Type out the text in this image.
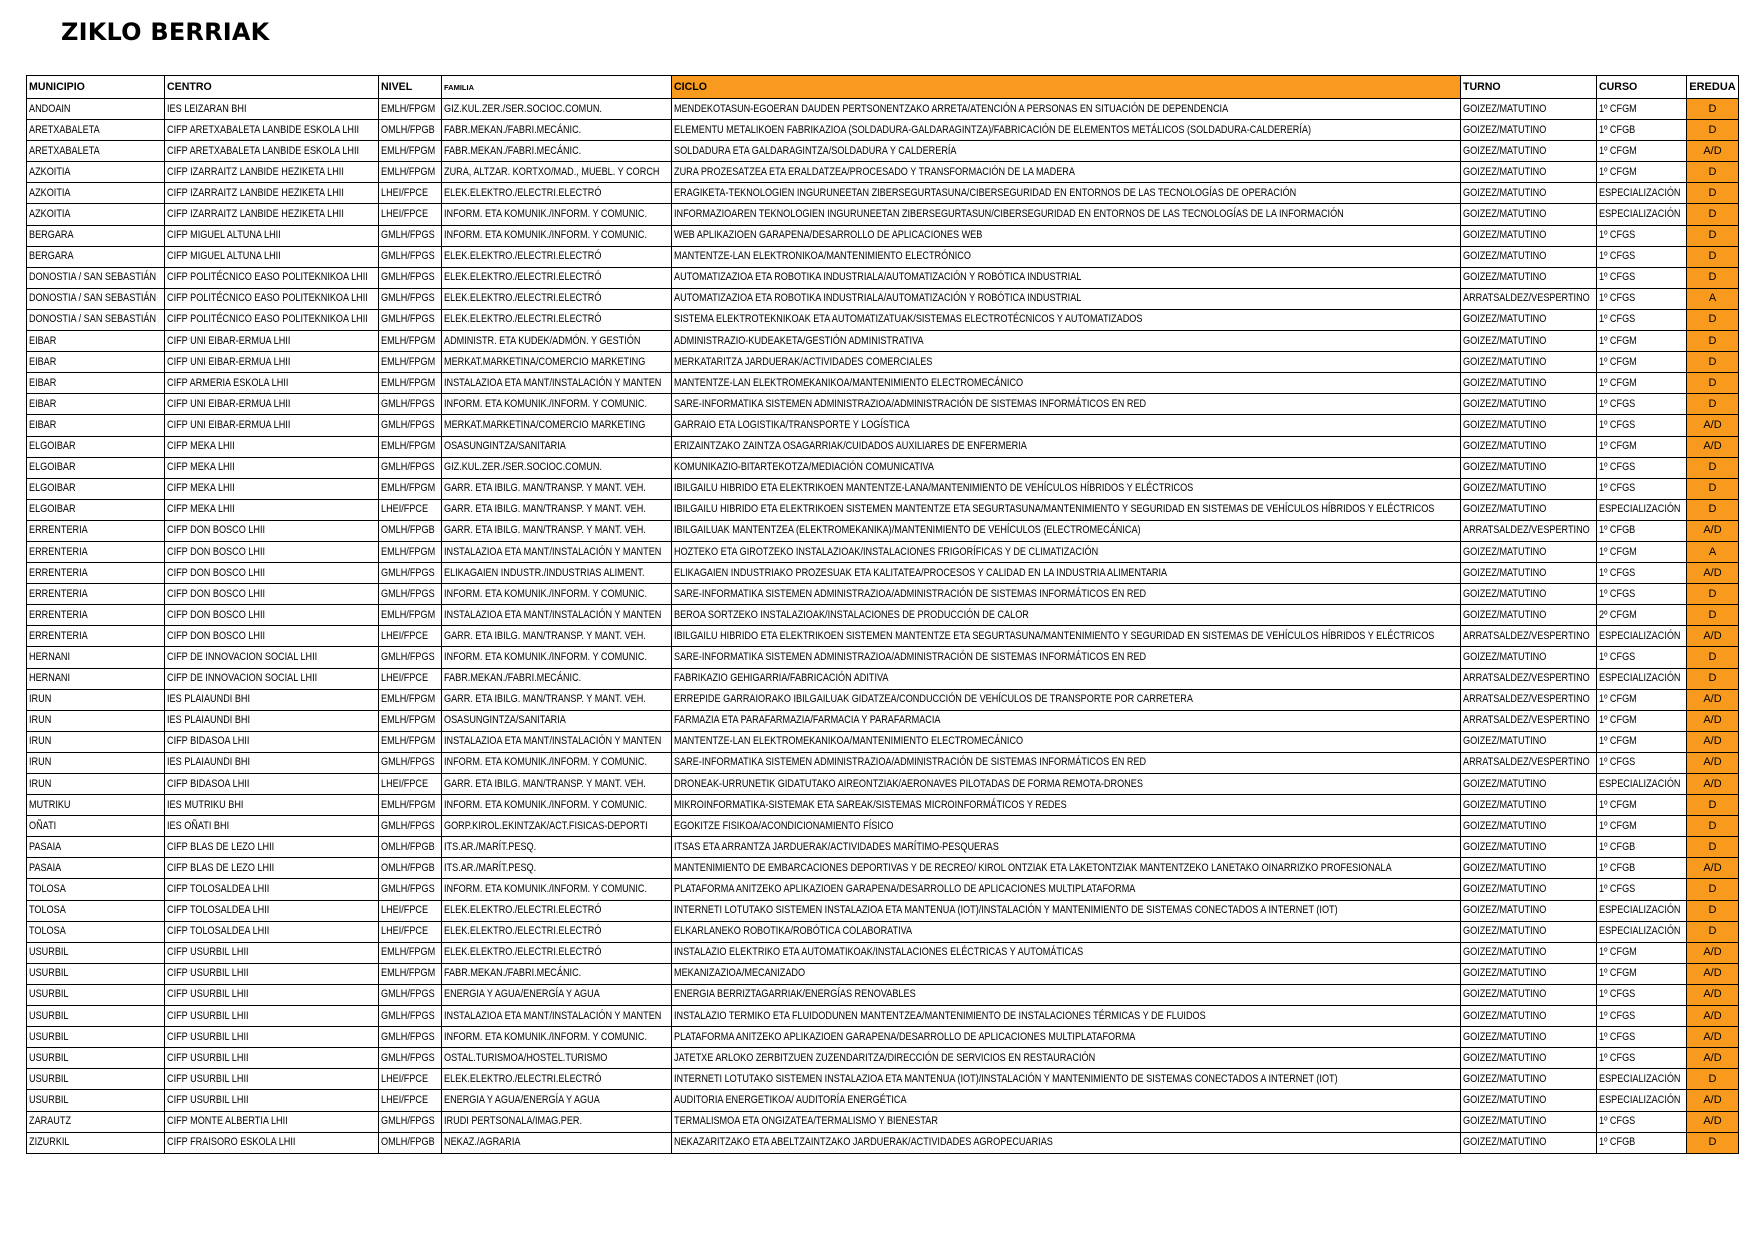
ZIKLO BERRIAK
MUNICIPIO	CENTRO	NIVEL	FAMILIA	CICLO	TURNO	CURSO	EREDUA
ANDOAIN	IES LEIZARAN BHI	EMLH/FPGM	GIZ.KUL.ZER./SER.SOCIOC.COMUN.	MENDEKOTASUN-EGOERAN DAUDEN PERTSONENTZAKO ARRETA/ATENCIÓN A PERSONAS EN SITUACIÓN DE DEPENDENCIA	GOIZEZ/MATUTINO	1º CFGM	D
ARETXABALETA	CIFP ARETXABALETA LANBIDE ESKOLA LHII	OMLH/FPGB	FABR.MEKAN./FABRI.MECÁNIC.	ELEMENTU METALIKOEN FABRIKAZIOA (SOLDADURA-GALDARAGINTZA)/FABRICACIÓN DE ELEMENTOS METÁLICOS (SOLDADURA-CALDERERÍA)	GOIZEZ/MATUTINO	1º CFGB	D
ARETXABALETA	CIFP ARETXABALETA LANBIDE ESKOLA LHII	EMLH/FPGM	FABR.MEKAN./FABRI.MECÁNIC.	SOLDADURA ETA GALDARAGINTZA/SOLDADURA Y CALDERERÍA	GOIZEZ/MATUTINO	1º CFGM	A/D
AZKOITIA	CIFP IZARRAITZ LANBIDE HEZIKETA LHII	EMLH/FPGM	ZURA, ALTZAR. KORTXO/MAD., MUEBL. Y CORCH	ZURA PROZESATZEA ETA ERALDATZEA/PROCESADO Y TRANSFORMACIÓN DE LA MADERA	GOIZEZ/MATUTINO	1º CFGM	D
AZKOITIA	CIFP IZARRAITZ LANBIDE HEZIKETA LHII	LHEI/FPCE	ELEK.ELEKTRO./ELECTRI.ELECTRÓ	ERAGIKETA-TEKNOLOGIEN INGURUNEETAN ZIBERSEGURTASUNA/CIBERSEGURIDAD EN ENTORNOS DE LAS TECNOLOGÍAS DE OPERACIÓN	GOIZEZ/MATUTINO	ESPECIALIZACIÓN	D
AZKOITIA	CIFP IZARRAITZ LANBIDE HEZIKETA LHII	LHEI/FPCE	INFORM. ETA KOMUNIK./INFORM. Y COMUNIC.	INFORMAZIOAREN TEKNOLOGIEN INGURUNEETAN ZIBERSEGURTASUN/CIBERSEGURIDAD EN ENTORNOS DE LAS TECNOLOGÍAS DE LA INFORMACIÓN	GOIZEZ/MATUTINO	ESPECIALIZACIÓN	D
BERGARA	CIFP MIGUEL ALTUNA LHII	GMLH/FPGS	INFORM. ETA KOMUNIK./INFORM. Y COMUNIC.	WEB APLIKAZIOEN GARAPENA/DESARROLLO DE APLICACIONES WEB	GOIZEZ/MATUTINO	1º CFGS	D
BERGARA	CIFP MIGUEL ALTUNA LHII	GMLH/FPGS	ELEK.ELEKTRO./ELECTRI.ELECTRÓ	MANTENTZE-LAN ELEKTRONIKOA/MANTENIMIENTO ELECTRÓNICO	GOIZEZ/MATUTINO	1º CFGS	D
DONOSTIA / SAN SEBASTIÁN	CIFP POLITÉCNICO EASO POLITEKNIKOA LHII	GMLH/FPGS	ELEK.ELEKTRO./ELECTRI.ELECTRÓ	AUTOMATIZAZIOA ETA ROBOTIKA INDUSTRIALA/AUTOMATIZACIÓN Y ROBÓTICA INDUSTRIAL	GOIZEZ/MATUTINO	1º CFGS	D
DONOSTIA / SAN SEBASTIÁN	CIFP POLITÉCNICO EASO POLITEKNIKOA LHII	GMLH/FPGS	ELEK.ELEKTRO./ELECTRI.ELECTRÓ	AUTOMATIZAZIOA ETA ROBOTIKA INDUSTRIALA/AUTOMATIZACIÓN Y ROBÓTICA INDUSTRIAL	ARRATSALDEZ/VESPERTINO	1º CFGS	A
DONOSTIA / SAN SEBASTIÁN	CIFP POLITÉCNICO EASO POLITEKNIKOA LHII	GMLH/FPGS	ELEK.ELEKTRO./ELECTRI.ELECTRÓ	SISTEMA ELEKTROTEKNIKOAK ETA AUTOMATIZATUAK/SISTEMAS ELECTROTÉCNICOS Y AUTOMATIZADOS	GOIZEZ/MATUTINO	1º CFGS	D
EIBAR	CIFP UNI EIBAR-ERMUA LHII	EMLH/FPGM	ADMINISTR. ETA KUDEK/ADMÓN. Y GESTIÓN	ADMINISTRAZIO-KUDEAKETA/GESTIÓN ADMINISTRATIVA	GOIZEZ/MATUTINO	1º CFGM	D
EIBAR	CIFP UNI EIBAR-ERMUA LHII	EMLH/FPGM	MERKAT.MARKETINA/COMERCIO MARKETING	MERKATARITZA JARDUERAK/ACTIVIDADES COMERCIALES	GOIZEZ/MATUTINO	1º CFGM	D
EIBAR	CIFP ARMERIA ESKOLA LHII	EMLH/FPGM	INSTALAZIOA ETA MANT/INSTALACIÓN Y MANTEN	MANTENTZE-LAN ELEKTROMEKANIKOA/MANTENIMIENTO ELECTROMECÁNICO	GOIZEZ/MATUTINO	1º CFGM	D
EIBAR	CIFP UNI EIBAR-ERMUA LHII	GMLH/FPGS	INFORM. ETA KOMUNIK./INFORM. Y COMUNIC.	SARE-INFORMATIKA SISTEMEN ADMINISTRAZIOA/ADMINISTRACIÓN DE SISTEMAS INFORMÁTICOS EN RED	GOIZEZ/MATUTINO	1º CFGS	D
EIBAR	CIFP UNI EIBAR-ERMUA LHII	GMLH/FPGS	MERKAT.MARKETINA/COMERCIO MARKETING	GARRAIO ETA LOGISTIKA/TRANSPORTE Y LOGÍSTICA	GOIZEZ/MATUTINO	1º CFGS	A/D
ELGOIBAR	CIFP MEKA LHII	EMLH/FPGM	OSASUNGINTZA/SANITARIA	ERIZAINTZAKO ZAINTZA OSAGARRIAK/CUIDADOS AUXILIARES DE ENFERMERIA	GOIZEZ/MATUTINO	1º CFGM	A/D
ELGOIBAR	CIFP MEKA LHII	GMLH/FPGS	GIZ.KUL.ZER./SER.SOCIOC.COMUN.	KOMUNIKAZIO-BITARTEKOTZA/MEDIACIÓN COMUNICATIVA	GOIZEZ/MATUTINO	1º CFGS	D
ELGOIBAR	CIFP MEKA LHII	EMLH/FPGM	GARR. ETA IBILG. MAN/TRANSP. Y MANT. VEH.	IBILGAILU HIBRIDO ETA ELEKTRIKOEN MANTENTZE-LANA/MANTENIMIENTO DE VEHÍCULOS HÍBRIDOS Y ELÉCTRICOS	GOIZEZ/MATUTINO	1º CFGS	D
ELGOIBAR	CIFP MEKA LHII	LHEI/FPCE	GARR. ETA IBILG. MAN/TRANSP. Y MANT. VEH.	IBILGAILU HIBRIDO ETA ELEKTRIKOEN SISTEMEN MANTENTZE ETA SEGURTASUNA/MANTENIMIENTO Y SEGURIDAD EN SISTEMAS DE VEHÍCULOS HÍBRIDOS Y ELÉCTRICOS	GOIZEZ/MATUTINO	ESPECIALIZACIÓN	D
ERRENTERIA	CIFP DON BOSCO LHII	OMLH/FPGB	GARR. ETA IBILG. MAN/TRANSP. Y MANT. VEH.	IBILGAILUAK MANTENTZEA (ELEKTROMEKANIKA)/MANTENIMIENTO DE VEHÍCULOS (ELECTROMECÁNICA)	ARRATSALDEZ/VESPERTINO	1º CFGB	A/D
ERRENTERIA	CIFP DON BOSCO LHII	EMLH/FPGM	INSTALAZIOA ETA MANT/INSTALACIÓN Y MANTEN	HOZTEKO ETA GIROTZEKO INSTALAZIOAK/INSTALACIONES FRIGORÍFICAS Y DE CLIMATIZACIÓN	GOIZEZ/MATUTINO	1º CFGM	A
ERRENTERIA	CIFP DON BOSCO LHII	GMLH/FPGS	ELIKAGAIEN INDUSTR./INDUSTRIAS ALIMENT.	ELIKAGAIEN INDUSTRIAKO PROZESUAK ETA KALITATEA/PROCESOS Y CALIDAD EN LA INDUSTRIA ALIMENTARIA	GOIZEZ/MATUTINO	1º CFGS	A/D
ERRENTERIA	CIFP DON BOSCO LHII	GMLH/FPGS	INFORM. ETA KOMUNIK./INFORM. Y COMUNIC.	SARE-INFORMATIKA SISTEMEN ADMINISTRAZIOA/ADMINISTRACIÓN DE SISTEMAS INFORMÁTICOS EN RED	GOIZEZ/MATUTINO	1º CFGS	D
ERRENTERIA	CIFP DON BOSCO LHII	EMLH/FPGM	INSTALAZIOA ETA MANT/INSTALACIÓN Y MANTEN	BEROA SORTZEKO INSTALAZIOAK/INSTALACIONES DE PRODUCCIÓN DE CALOR	GOIZEZ/MATUTINO	2º CFGM	D
ERRENTERIA	CIFP DON BOSCO LHII	LHEI/FPCE	GARR. ETA IBILG. MAN/TRANSP. Y MANT. VEH.	IBILGAILU HIBRIDO ETA ELEKTRIKOEN SISTEMEN MANTENTZE ETA SEGURTASUNA/MANTENIMIENTO Y SEGURIDAD EN SISTEMAS DE VEHÍCULOS HÍBRIDOS Y ELÉCTRICOS	ARRATSALDEZ/VESPERTINO	ESPECIALIZACIÓN	A/D
HERNANI	CIFP DE INNOVACION SOCIAL LHII	GMLH/FPGS	INFORM. ETA KOMUNIK./INFORM. Y COMUNIC.	SARE-INFORMATIKA SISTEMEN ADMINISTRAZIOA/ADMINISTRACIÓN DE SISTEMAS INFORMÁTICOS EN RED	GOIZEZ/MATUTINO	1º CFGS	D
HERNANI	CIFP DE INNOVACION SOCIAL LHII	LHEI/FPCE	FABR.MEKAN./FABRI.MECÁNIC.	FABRIKAZIO GEHIGARRIA/FABRICACIÓN ADITIVA	ARRATSALDEZ/VESPERTINO	ESPECIALIZACIÓN	D
IRUN	IES PLAIAUNDI BHI	EMLH/FPGM	GARR. ETA IBILG. MAN/TRANSP. Y MANT. VEH.	ERREPIDE GARRAIORAKO IBILGAILUAK GIDATZEA/CONDUCCIÓN DE VEHÍCULOS DE TRANSPORTE POR CARRETERA	ARRATSALDEZ/VESPERTINO	1º CFGM	A/D
IRUN	IES PLAIAUNDI BHI	EMLH/FPGM	OSASUNGINTZA/SANITARIA	FARMAZIA ETA PARAFARMAZIA/FARMACIA Y PARAFARMACIA	ARRATSALDEZ/VESPERTINO	1º CFGM	A/D
IRUN	CIFP BIDASOA LHII	EMLH/FPGM	INSTALAZIOA ETA MANT/INSTALACIÓN Y MANTEN	MANTENTZE-LAN ELEKTROMEKANIKOA/MANTENIMIENTO ELECTROMECÁNICO	GOIZEZ/MATUTINO	1º CFGM	A/D
IRUN	IES PLAIAUNDI BHI	GMLH/FPGS	INFORM. ETA KOMUNIK./INFORM. Y COMUNIC.	SARE-INFORMATIKA SISTEMEN ADMINISTRAZIOA/ADMINISTRACIÓN DE SISTEMAS INFORMÁTICOS EN RED	ARRATSALDEZ/VESPERTINO	1º CFGS	A/D
IRUN	CIFP BIDASOA LHII	LHEI/FPCE	GARR. ETA IBILG. MAN/TRANSP. Y MANT. VEH.	DRONEAK-URRUNETIK GIDATUTAKO AIREONTZIAK/AERONAVES PILOTADAS DE FORMA REMOTA-DRONES	GOIZEZ/MATUTINO	ESPECIALIZACIÓN	A/D
MUTRIKU	IES MUTRIKU BHI	EMLH/FPGM	INFORM. ETA KOMUNIK./INFORM. Y COMUNIC.	MIKROINFORMATIKA-SISTEMAK ETA SAREAK/SISTEMAS MICROINFORMÁTICOS Y REDES	GOIZEZ/MATUTINO	1º CFGM	D
OÑATI	IES OÑATI BHI	GMLH/FPGS	GORP.KIROL.EKINTZAK/ACT.FISICAS-DEPORTI	EGOKITZE FISIKOA/ACONDICIONAMIENTO FÍSICO	GOIZEZ/MATUTINO	1º CFGM	D
PASAIA	CIFP BLAS DE LEZO LHII	OMLH/FPGB	ITS.AR./MARÍT.PESQ.	ITSAS ETA ARRANTZA JARDUERAK/ACTIVIDADES MARÍTIMO-PESQUERAS	GOIZEZ/MATUTINO	1º CFGB	D
PASAIA	CIFP BLAS DE LEZO LHII	OMLH/FPGB	ITS.AR./MARÍT.PESQ.	MANTENIMIENTO DE EMBARCACIONES DEPORTIVAS Y DE RECREO/ KIROL ONTZIAK ETA LAKETONTZIAK MANTENTZEKO LANETAKO OINARRIZKO PROFESIONALA	GOIZEZ/MATUTINO	1º CFGB	A/D
TOLOSA	CIFP TOLOSALDEA LHII	GMLH/FPGS	INFORM. ETA KOMUNIK./INFORM. Y COMUNIC.	PLATAFORMA ANITZEKO APLIKAZIOEN GARAPENA/DESARROLLO DE APLICACIONES MULTIPLATAFORMA	GOIZEZ/MATUTINO	1º CFGS	D
TOLOSA	CIFP TOLOSALDEA LHII	LHEI/FPCE	ELEK.ELEKTRO./ELECTRI.ELECTRÓ	INTERNETI LOTUTAKO SISTEMEN INSTALAZIOA ETA MANTENUA (IOT)/INSTALACIÓN Y MANTENIMIENTO DE SISTEMAS CONECTADOS A INTERNET (IOT)	GOIZEZ/MATUTINO	ESPECIALIZACIÓN	D
TOLOSA	CIFP TOLOSALDEA LHII	LHEI/FPCE	ELEK.ELEKTRO./ELECTRI.ELECTRÓ	ELKARLANEKO ROBOTIKA/ROBÓTICA COLABORATIVA	GOIZEZ/MATUTINO	ESPECIALIZACIÓN	D
USURBIL	CIFP USURBIL LHII	EMLH/FPGM	ELEK.ELEKTRO./ELECTRI.ELECTRÓ	INSTALAZIO ELEKTRIKO ETA AUTOMATIKOAK/INSTALACIONES ELÉCTRICAS Y AUTOMÁTICAS	GOIZEZ/MATUTINO	1º CFGM	A/D
USURBIL	CIFP USURBIL LHII	EMLH/FPGM	FABR.MEKAN./FABRI.MECÁNIC.	MEKANIZAZIOA/MECANIZADO	GOIZEZ/MATUTINO	1º CFGM	A/D
USURBIL	CIFP USURBIL LHII	GMLH/FPGS	ENERGIA Y AGUA/ENERGÍA Y AGUA	ENERGIA BERRIZTAGARRIAK/ENERGÍAS RENOVABLES	GOIZEZ/MATUTINO	1º CFGS	A/D
USURBIL	CIFP USURBIL LHII	GMLH/FPGS	INSTALAZIOA ETA MANT/INSTALACIÓN Y MANTEN	INSTALAZIO TERMIKO ETA FLUIDODUNEN MANTENTZEA/MANTENIMIENTO DE INSTALACIONES TÉRMICAS Y DE FLUIDOS	GOIZEZ/MATUTINO	1º CFGS	A/D
USURBIL	CIFP USURBIL LHII	GMLH/FPGS	INFORM. ETA KOMUNIK./INFORM. Y COMUNIC.	PLATAFORMA ANITZEKO APLIKAZIOEN GARAPENA/DESARROLLO DE APLICACIONES MULTIPLATAFORMA	GOIZEZ/MATUTINO	1º CFGS	A/D
USURBIL	CIFP USURBIL LHII	GMLH/FPGS	OSTAL.TURISMOA/HOSTEL.TURISMO	JATETXE ARLOKO ZERBITZUEN ZUZENDARITZA/DIRECCIÓN DE SERVICIOS EN RESTAURACIÓN	GOIZEZ/MATUTINO	1º CFGS	A/D
USURBIL	CIFP USURBIL LHII	LHEI/FPCE	ELEK.ELEKTRO./ELECTRI.ELECTRÓ	INTERNETI LOTUTAKO SISTEMEN INSTALAZIOA ETA MANTENUA (IOT)/INSTALACIÓN Y MANTENIMIENTO DE SISTEMAS CONECTADOS A INTERNET (IOT)	GOIZEZ/MATUTINO	ESPECIALIZACIÓN	D
USURBIL	CIFP USURBIL LHII	LHEI/FPCE	ENERGIA Y AGUA/ENERGÍA Y AGUA	AUDITORIA ENERGETIKOA/ AUDITORÍA ENERGÉTICA	GOIZEZ/MATUTINO	ESPECIALIZACIÓN	A/D
ZARAUTZ	CIFP MONTE ALBERTIA LHII	GMLH/FPGS	IRUDI PERTSONALA/IMAG.PER.	TERMALISMOA ETA ONGIZATEA/TERMALISMO Y BIENESTAR	GOIZEZ/MATUTINO	1º CFGS	A/D
ZIZURKIL	CIFP FRAISORO ESKOLA LHII	OMLH/FPGB	NEKAZ./AGRARIA	NEKAZARITZAKO ETA ABELTZAINTZAKO JARDUERAK/ACTIVIDADES AGROPECUARIAS	GOIZEZ/MATUTINO	1º CFGB	D
